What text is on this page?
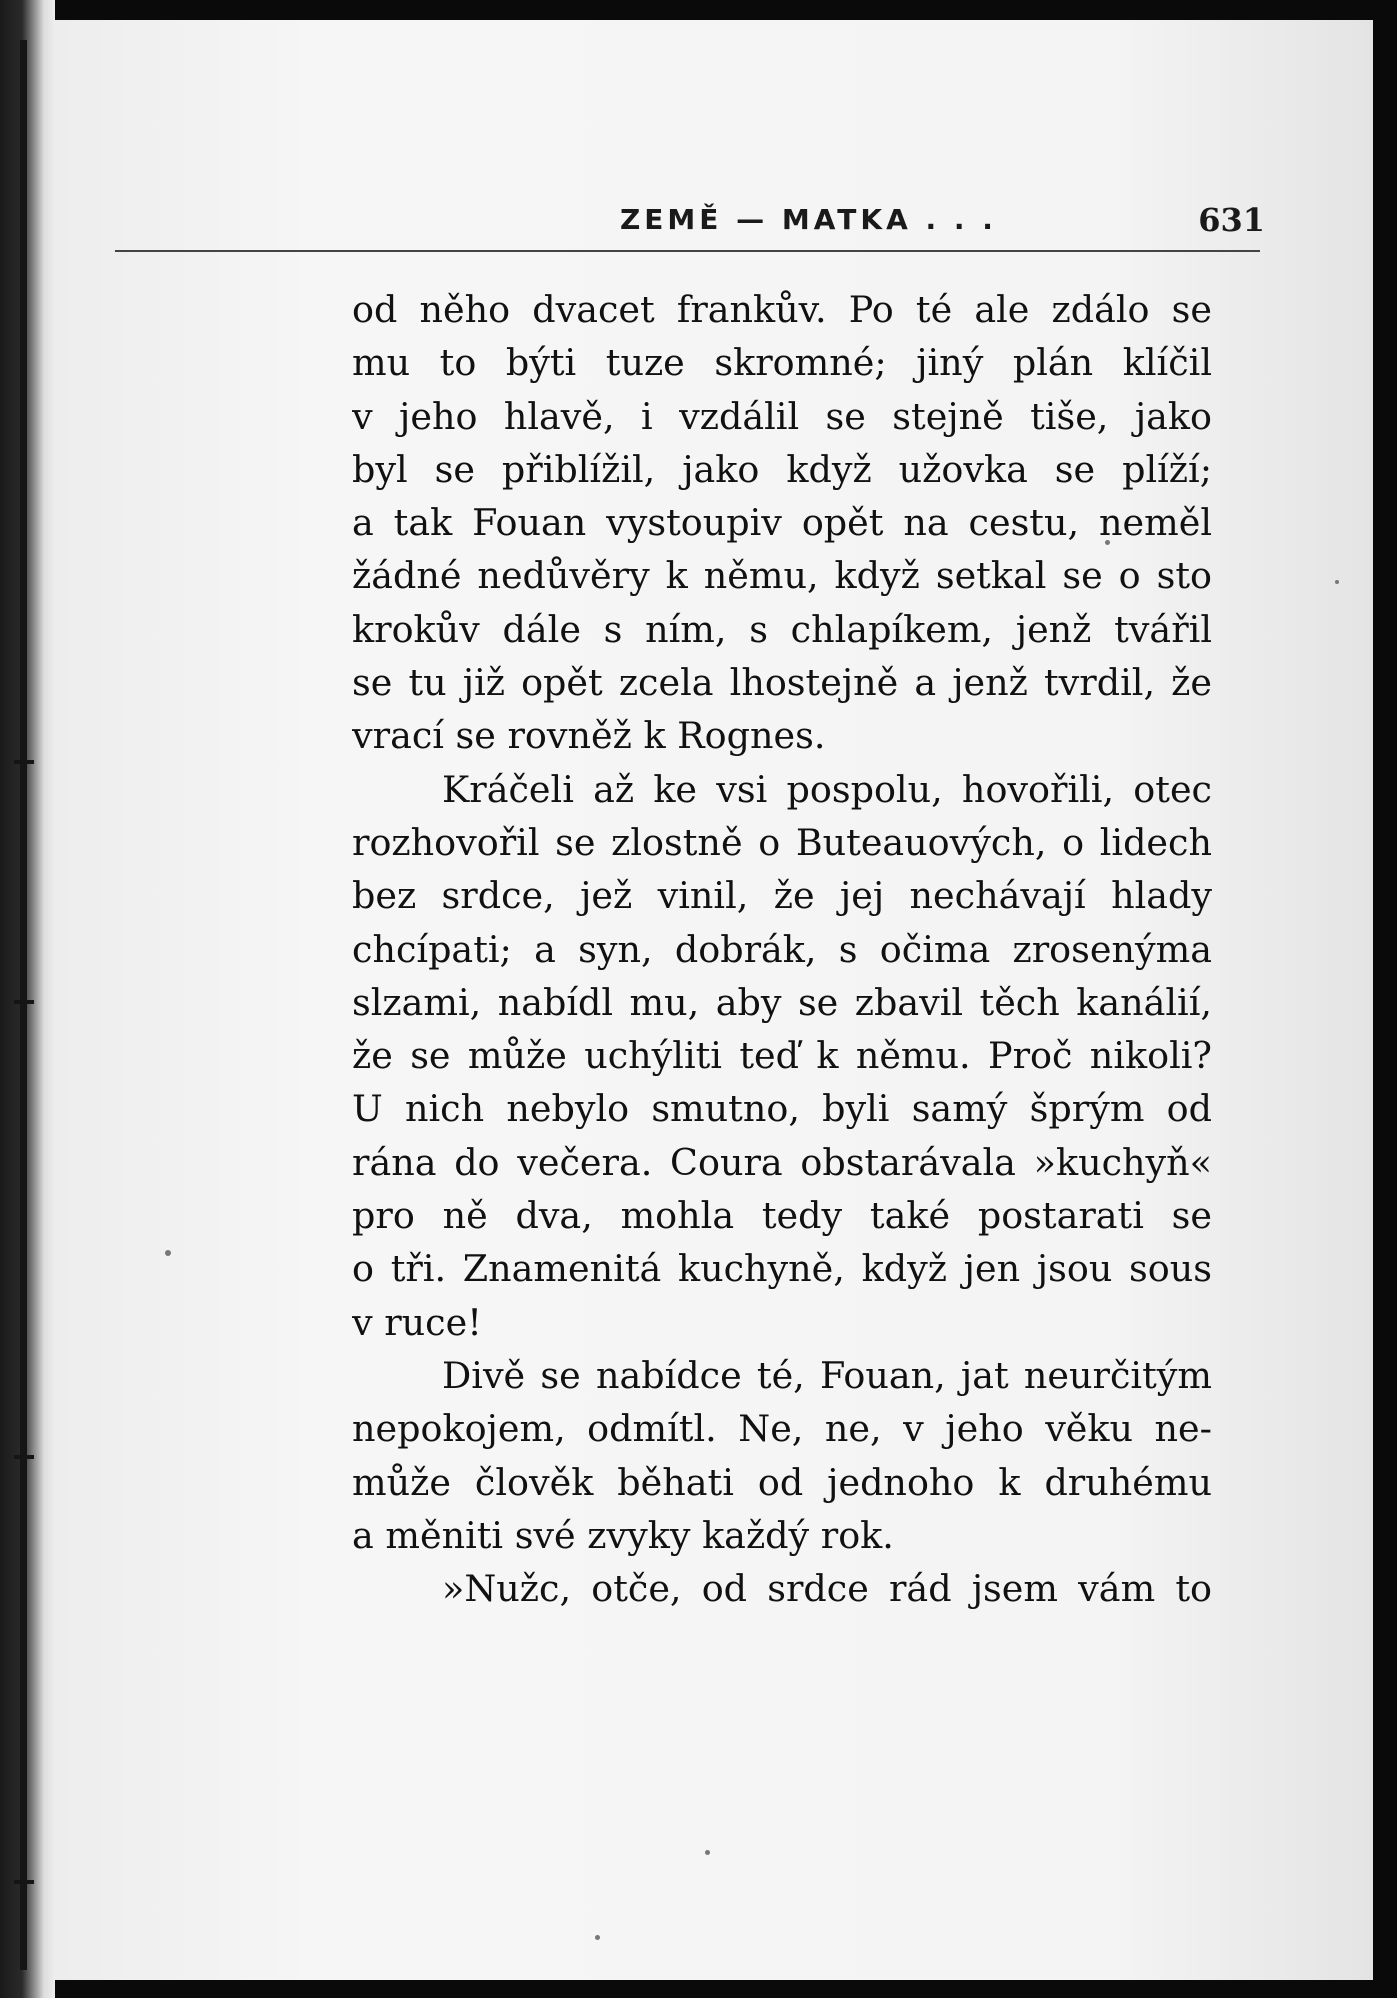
ZEMĚ — MATKA . . .	631
od něho dvacet frankův. Po té ale zdálo se
mu to býti tuze skromné; jiný plán klíčil
v jeho hlavě, i vzdálil se stejně tiše, jako
byl se přiblížil, jako když užovka se plíží;
a tak Fouan vystoupiv opět na cestu, neměl
žádné nedůvěry k němu, když setkal se o sto
krokův dále s ním, s chlapíkem, jenž tvářil
se tu již opět zcela lhostejně a jenž tvrdil, že
vrací se rovněž k Rognes.
Kráčeli až ke vsi pospolu, hovořili, otec
rozhovořil se zlostně o Buteauových, o lidech
bez srdce, jež vinil, že jej nechávají hlady
chcípati; a syn, dobrák, s očima zrosenýma
slzami, nabídl mu, aby se zbavil těch kanálií,
že se může uchýliti teď k němu. Proč nikoli?
U nich nebylo smutno, byli samý šprým od
rána do večera. Coura obstarávala »kuchyň«
pro ně dva, mohla tedy také postarati se
o tři. Znamenitá kuchyně, když jen jsou sous
v ruce!
Divě se nabídce té, Fouan, jat neurčitým
nepokojem, odmítl. Ne, ne, v jeho věku ne-
může člověk běhati od jednoho k druhému
a měniti své zvyky každý rok.
»Nužc, otče, od srdce rád jsem vám to
